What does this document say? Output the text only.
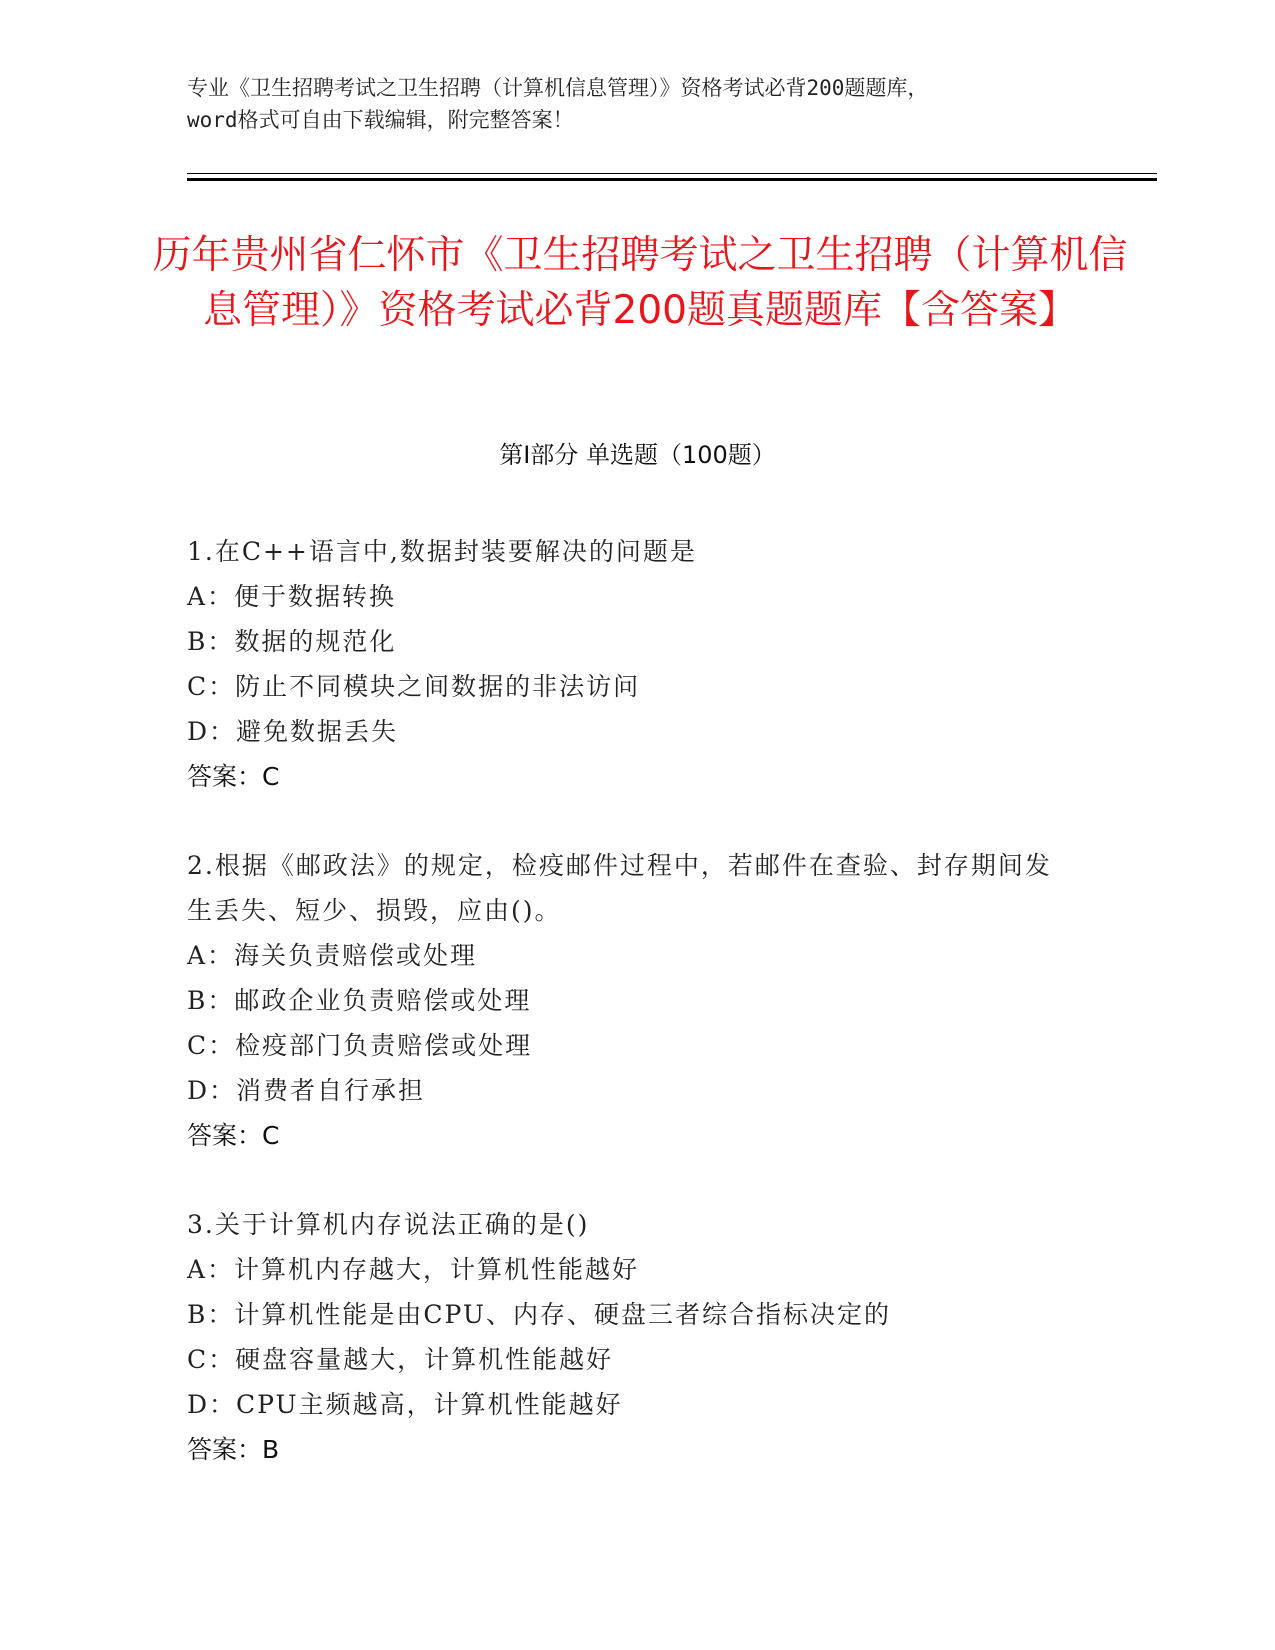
专业《卫生招聘考试之卫生招聘（计算机信息管理）》资格考试必背200题题库，
word格式可自由下载编辑，附完整答案！
历年贵州省仁怀市《卫生招聘考试之卫生招聘（计算机信息管理）》资格考试必背200题真题题库【含答案】
第Ⅰ部分 单选题（100题）
1.在C++语言中,数据封装要解决的问题是
A：便于数据转换
B：数据的规范化
C：防止不同模块之间数据的非法访问
D：避免数据丢失
答案：C
2.根据《邮政法》的规定，检疫邮件过程中，若邮件在查验、封存期间发生丢失、短少、损毁，应由()。
A：海关负责赔偿或处理
B：邮政企业负责赔偿或处理
C：检疫部门负责赔偿或处理
D：消费者自行承担
答案：C
3.关于计算机内存说法正确的是()
A：计算机内存越大，计算机性能越好
B：计算机性能是由CPU、内存、硬盘三者综合指标决定的
C：硬盘容量越大，计算机性能越好
D：CPU主频越高，计算机性能越好
答案：B
